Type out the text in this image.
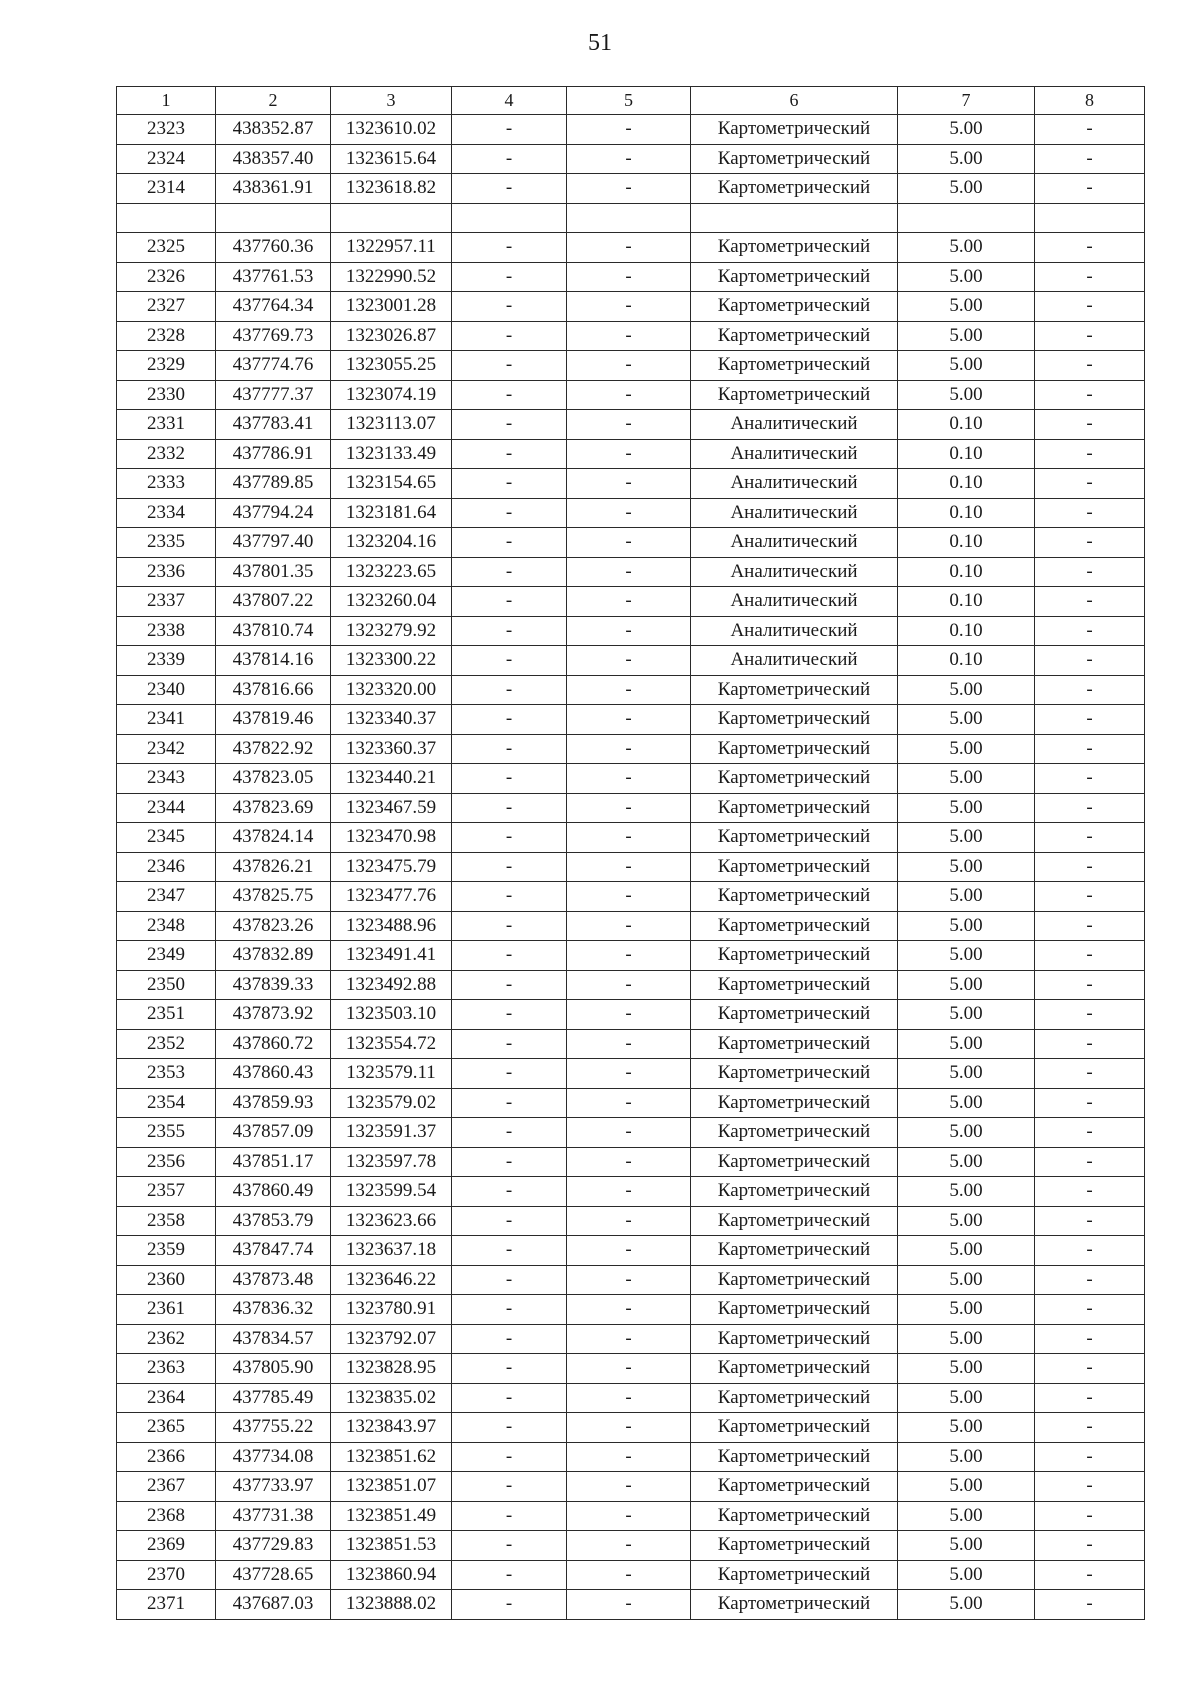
51
1	2	3	4	5	6	7	8
2323	438352.87	1323610.02	-	-	Картометрический	5.00	-
2324	438357.40	1323615.64	-	-	Картометрический	5.00	-
2314	438361.91	1323618.82	-	-	Картометрический	5.00	-

2325	437760.36	1322957.11	-	-	Картометрический	5.00	-
2326	437761.53	1322990.52	-	-	Картометрический	5.00	-
2327	437764.34	1323001.28	-	-	Картометрический	5.00	-
2328	437769.73	1323026.87	-	-	Картометрический	5.00	-
2329	437774.76	1323055.25	-	-	Картометрический	5.00	-
2330	437777.37	1323074.19	-	-	Картометрический	5.00	-
2331	437783.41	1323113.07	-	-	Аналитический	0.10	-
2332	437786.91	1323133.49	-	-	Аналитический	0.10	-
2333	437789.85	1323154.65	-	-	Аналитический	0.10	-
2334	437794.24	1323181.64	-	-	Аналитический	0.10	-
2335	437797.40	1323204.16	-	-	Аналитический	0.10	-
2336	437801.35	1323223.65	-	-	Аналитический	0.10	-
2337	437807.22	1323260.04	-	-	Аналитический	0.10	-
2338	437810.74	1323279.92	-	-	Аналитический	0.10	-
2339	437814.16	1323300.22	-	-	Аналитический	0.10	-
2340	437816.66	1323320.00	-	-	Картометрический	5.00	-
2341	437819.46	1323340.37	-	-	Картометрический	5.00	-
2342	437822.92	1323360.37	-	-	Картометрический	5.00	-
2343	437823.05	1323440.21	-	-	Картометрический	5.00	-
2344	437823.69	1323467.59	-	-	Картометрический	5.00	-
2345	437824.14	1323470.98	-	-	Картометрический	5.00	-
2346	437826.21	1323475.79	-	-	Картометрический	5.00	-
2347	437825.75	1323477.76	-	-	Картометрический	5.00	-
2348	437823.26	1323488.96	-	-	Картометрический	5.00	-
2349	437832.89	1323491.41	-	-	Картометрический	5.00	-
2350	437839.33	1323492.88	-	-	Картометрический	5.00	-
2351	437873.92	1323503.10	-	-	Картометрический	5.00	-
2352	437860.72	1323554.72	-	-	Картометрический	5.00	-
2353	437860.43	1323579.11	-	-	Картометрический	5.00	-
2354	437859.93	1323579.02	-	-	Картометрический	5.00	-
2355	437857.09	1323591.37	-	-	Картометрический	5.00	-
2356	437851.17	1323597.78	-	-	Картометрический	5.00	-
2357	437860.49	1323599.54	-	-	Картометрический	5.00	-
2358	437853.79	1323623.66	-	-	Картометрический	5.00	-
2359	437847.74	1323637.18	-	-	Картометрический	5.00	-
2360	437873.48	1323646.22	-	-	Картометрический	5.00	-
2361	437836.32	1323780.91	-	-	Картометрический	5.00	-
2362	437834.57	1323792.07	-	-	Картометрический	5.00	-
2363	437805.90	1323828.95	-	-	Картометрический	5.00	-
2364	437785.49	1323835.02	-	-	Картометрический	5.00	-
2365	437755.22	1323843.97	-	-	Картометрический	5.00	-
2366	437734.08	1323851.62	-	-	Картометрический	5.00	-
2367	437733.97	1323851.07	-	-	Картометрический	5.00	-
2368	437731.38	1323851.49	-	-	Картометрический	5.00	-
2369	437729.83	1323851.53	-	-	Картометрический	5.00	-
2370	437728.65	1323860.94	-	-	Картометрический	5.00	-
2371	437687.03	1323888.02	-	-	Картометрический	5.00	-
